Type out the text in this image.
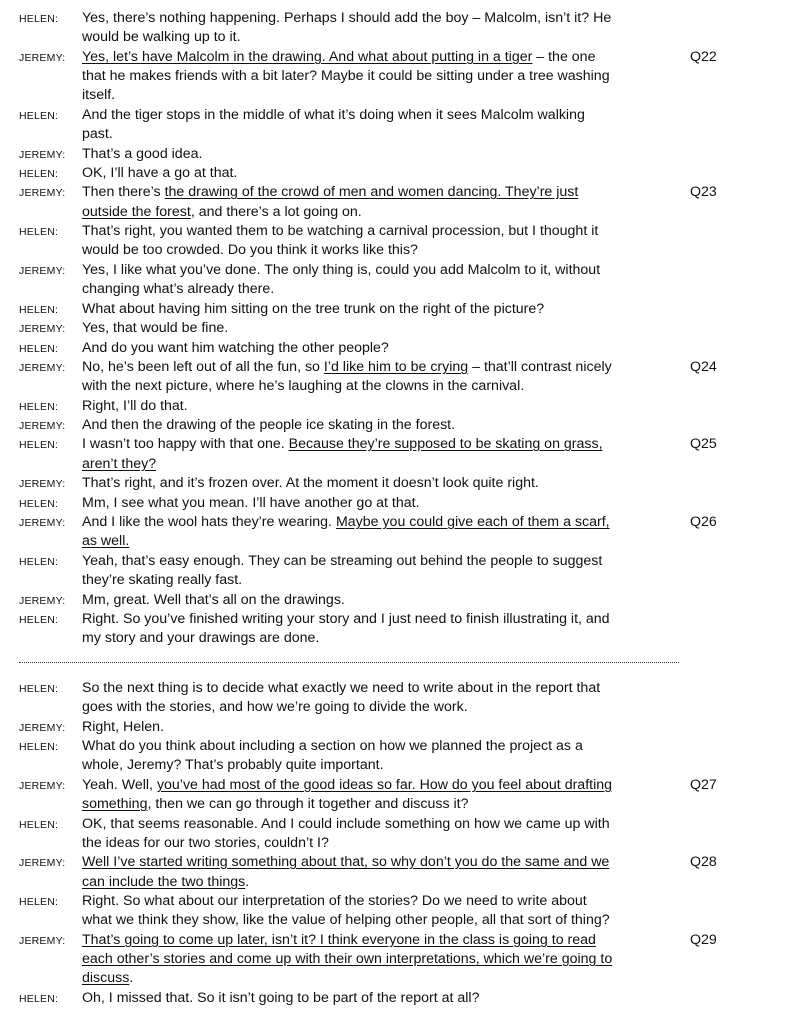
HELEN: Yes, there’s nothing happening. Perhaps I should add the boy – Malcolm, isn’t it? He
would be walking up to it.
JEREMY: Yes, let’s have Malcolm in the drawing. And what about putting in a tiger – the one	Q22
that he makes friends with a bit later? Maybe it could be sitting under a tree washing
itself.
HELEN: And the tiger stops in the middle of what it’s doing when it sees Malcolm walking
past.
JEREMY: That’s a good idea.
HELEN: OK, I’ll have a go at that.
JEREMY: Then there’s the drawing of the crowd of men and women dancing. They’re just	Q23
outside the forest, and there’s a lot going on.
HELEN: That’s right, you wanted them to be watching a carnival procession, but I thought it
would be too crowded. Do you think it works like this?
JEREMY: Yes, I like what you’ve done. The only thing is, could you add Malcolm to it, without
changing what’s already there.
HELEN: What about having him sitting on the tree trunk on the right of the picture?
JEREMY: Yes, that would be fine.
HELEN: And do you want him watching the other people?
JEREMY: No, he’s been left out of all the fun, so I’d like him to be crying – that’ll contrast nicely	Q24
with the next picture, where he’s laughing at the clowns in the carnival.
HELEN: Right, I’ll do that.
JEREMY: And then the drawing of the people ice skating in the forest.
HELEN: I wasn’t too happy with that one. Because they’re supposed to be skating on grass,	Q25
aren’t they?
JEREMY: That’s right, and it’s frozen over. At the moment it doesn’t look quite right.
HELEN: Mm, I see what you mean. I’ll have another go at that.
JEREMY: And I like the wool hats they’re wearing. Maybe you could give each of them a scarf,	Q26
as well.
HELEN: Yeah, that’s easy enough. They can be streaming out behind the people to suggest
they’re skating really fast.
JEREMY: Mm, great. Well that’s all on the drawings.
HELEN: Right. So you’ve finished writing your story and I just need to finish illustrating it, and
my story and your drawings are done.
HELEN: So the next thing is to decide what exactly we need to write about in the report that
goes with the stories, and how we’re going to divide the work.
JEREMY: Right, Helen.
HELEN: What do you think about including a section on how we planned the project as a
whole, Jeremy? That’s probably quite important.
JEREMY: Yeah. Well, you’ve had most of the good ideas so far. How do you feel about drafting	Q27
something, then we can go through it together and discuss it?
HELEN: OK, that seems reasonable. And I could include something on how we came up with
the ideas for our two stories, couldn’t I?
JEREMY: Well I’ve started writing something about that, so why don’t you do the same and we	Q28
can include the two things.
HELEN: Right. So what about our interpretation of the stories? Do we need to write about
what we think they show, like the value of helping other people, all that sort of thing?
JEREMY: That’s going to come up later, isn’t it? I think everyone in the class is going to read	Q29
each other’s stories and come up with their own interpretations, which we’re going to
discuss.
HELEN: Oh, I missed that. So it isn’t going to be part of the report at all?
